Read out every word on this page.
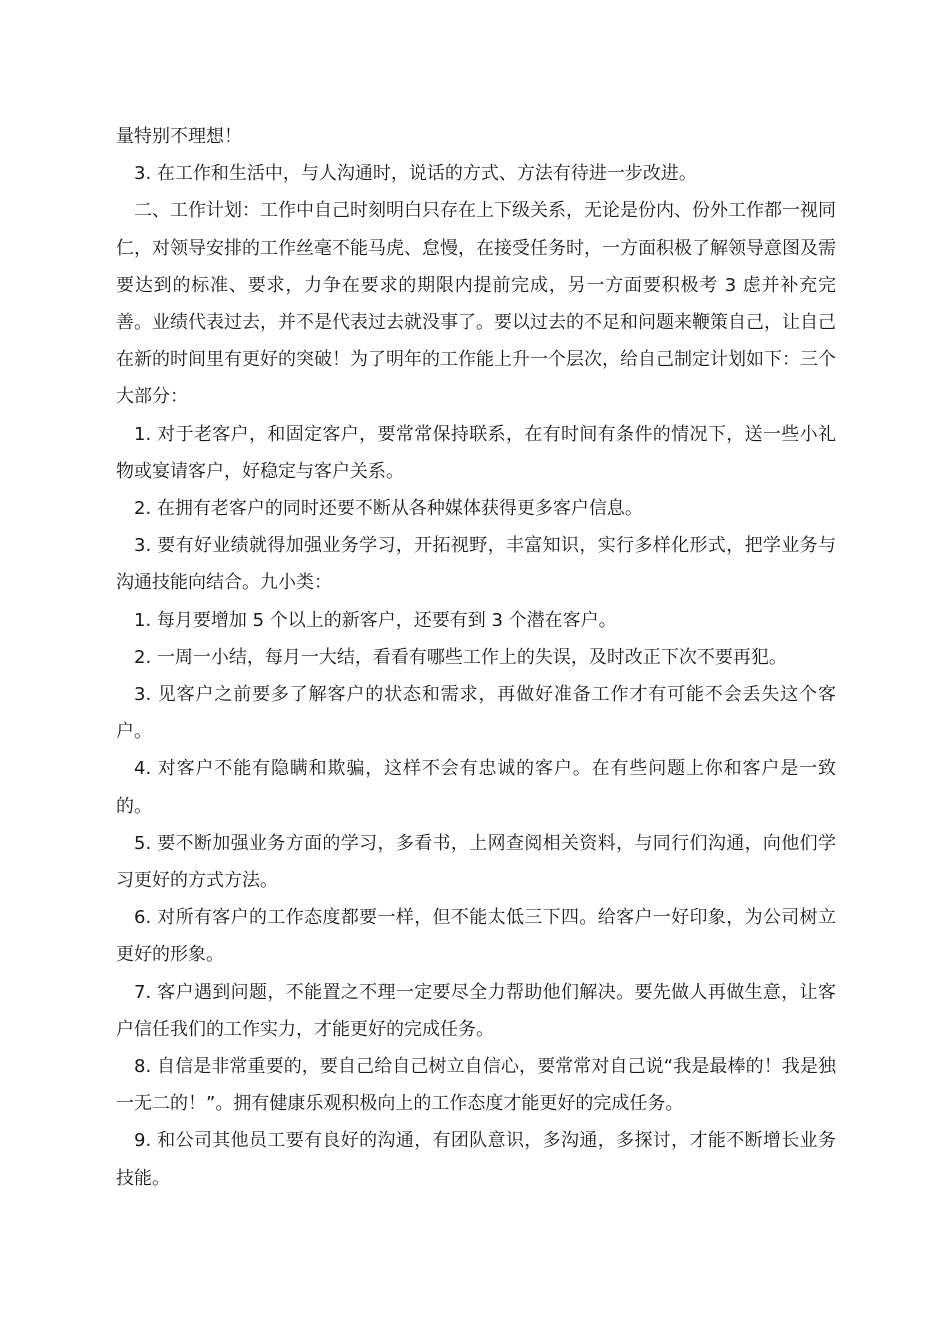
量特别不理想！

3. 在工作和生活中，与人沟通时，说话的方式、方法有待进一步改进。

二、工作计划：工作中自己时刻明白只存在上下级关系，无论是份内、份外工作都一视同仁，对领导安排的工作丝毫不能马虎、怠慢，在接受任务时，一方面积极了解领导意图及需要达到的标准、要求，力争在要求的期限内提前完成，另一方面要积极考 3 虑并补充完善。业绩代表过去，并不是代表过去就没事了。要以过去的不足和问题来鞭策自己，让自己在新的时间里有更好的突破！为了明年的工作能上升一个层次，给自己制定计划如下：三个大部分：

1. 对于老客户，和固定客户，要常常保持联系，在有时间有条件的情况下，送一些小礼物或宴请客户，好稳定与客户关系。

2. 在拥有老客户的同时还要不断从各种媒体获得更多客户信息。

3. 要有好业绩就得加强业务学习，开拓视野，丰富知识，实行多样化形式，把学业务与沟通技能向结合。九小类：

1. 每月要增加 5 个以上的新客户，还要有到 3 个潜在客户。

2. 一周一小结，每月一大结，看看有哪些工作上的失误，及时改正下次不要再犯。

3. 见客户之前要多了解客户的状态和需求，再做好准备工作才有可能不会丢失这个客户。

4. 对客户不能有隐瞒和欺骗，这样不会有忠诚的客户。在有些问题上你和客户是一致的。

5. 要不断加强业务方面的学习，多看书，上网查阅相关资料，与同行们沟通，向他们学习更好的方式方法。

6. 对所有客户的工作态度都要一样，但不能太低三下四。给客户一好印象，为公司树立更好的形象。

7. 客户遇到问题，不能置之不理一定要尽全力帮助他们解决。要先做人再做生意，让客户信任我们的工作实力，才能更好的完成任务。

8. 自信是非常重要的，要自己给自己树立自信心，要常常对自己说“我是最棒的！我是独一无二的！”。拥有健康乐观积极向上的工作态度才能更好的完成任务。

9. 和公司其他员工要有良好的沟通，有团队意识，多沟通，多探讨，才能不断增长业务技能。
